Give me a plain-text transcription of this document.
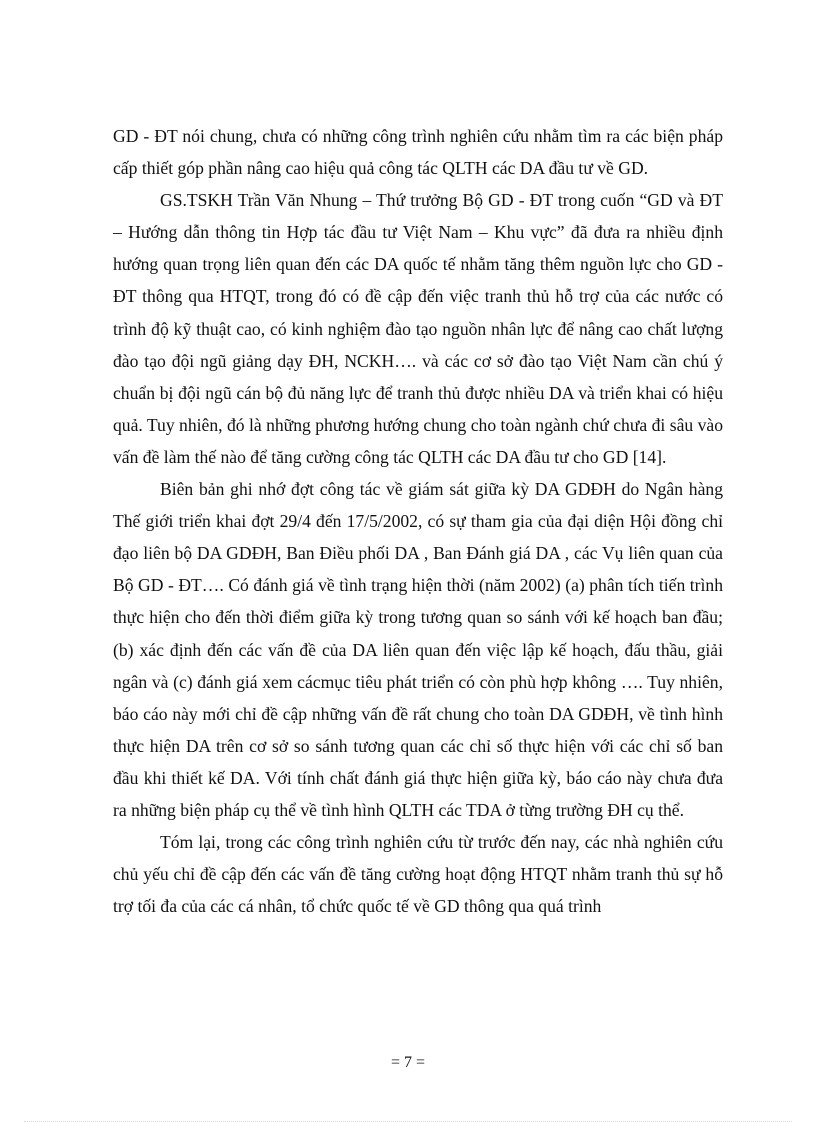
GD - ĐT nói chung, chưa có những công trình nghiên cứu nhằm tìm ra các biện pháp cấp thiết góp phần nâng cao hiệu quả công tác QLTH các DA đầu tư về GD.

GS.TSKH Trần Văn Nhung – Thứ trưởng Bộ GD - ĐT trong cuốn “GD và ĐT – Hướng dẫn thông tin Hợp tác đầu tư Việt Nam – Khu vực” đã đưa ra nhiều định hướng quan trọng liên quan đến các DA quốc tế nhằm tăng thêm nguồn lực cho GD - ĐT thông qua HTQT, trong đó có đề cập đến việc tranh thủ hỗ trợ của các nước có trình độ kỹ thuật cao, có kinh nghiệm đào tạo nguồn nhân lực để nâng cao chất lượng đào tạo đội ngũ giảng dạy ĐH, NCKH…. và các cơ sở đào tạo Việt Nam cần chú ý chuẩn bị đội ngũ cán bộ đủ năng lực để tranh thủ được nhiều DA và triển khai có hiệu quả. Tuy nhiên, đó là những phương hướng chung cho toàn ngành chứ chưa đi sâu vào vấn đề làm thế nào để tăng cường công tác QLTH các DA đầu tư cho GD [14].

Biên bản ghi nhớ đợt công tác về giám sát giữa kỳ DA GDĐH do Ngân hàng Thế giới triển khai đợt 29/4 đến 17/5/2002, có sự tham gia của đại diện Hội đồng chỉ đạo liên bộ DA GDĐH, Ban Điều phối DA , Ban Đánh giá DA , các Vụ liên quan của Bộ GD - ĐT…. Có đánh giá về tình trạng hiện thời (năm 2002) (a) phân tích tiến trình thực hiện cho đến thời điểm giữa kỳ trong tương quan so sánh với kế hoạch ban đầu; (b) xác định đến các vấn đề của DA liên quan đến việc lập kế hoạch, đấu thầu, giải ngân và (c) đánh giá xem cácmục tiêu phát triển có còn phù hợp không …. Tuy nhiên, báo cáo này mới chỉ đề cập những vấn đề rất chung cho toàn DA GDĐH, về tình hình thực hiện DA trên cơ sở so sánh tương quan các chỉ số thực hiện với các chỉ số ban đầu khi thiết kế DA. Với tính chất đánh giá thực hiện giữa kỳ, báo cáo này chưa đưa ra những biện pháp cụ thể về tình hình QLTH các TDA ở từng trường ĐH cụ thể.

Tóm lại, trong các công trình nghiên cứu từ trước đến nay, các nhà nghiên cứu chủ yếu chỉ đề cập đến các vấn đề tăng cường hoạt động HTQT nhằm tranh thủ sự hỗ trợ tối đa của các cá nhân, tổ chức quốc tế về GD thông qua quá trình

= 7 =
